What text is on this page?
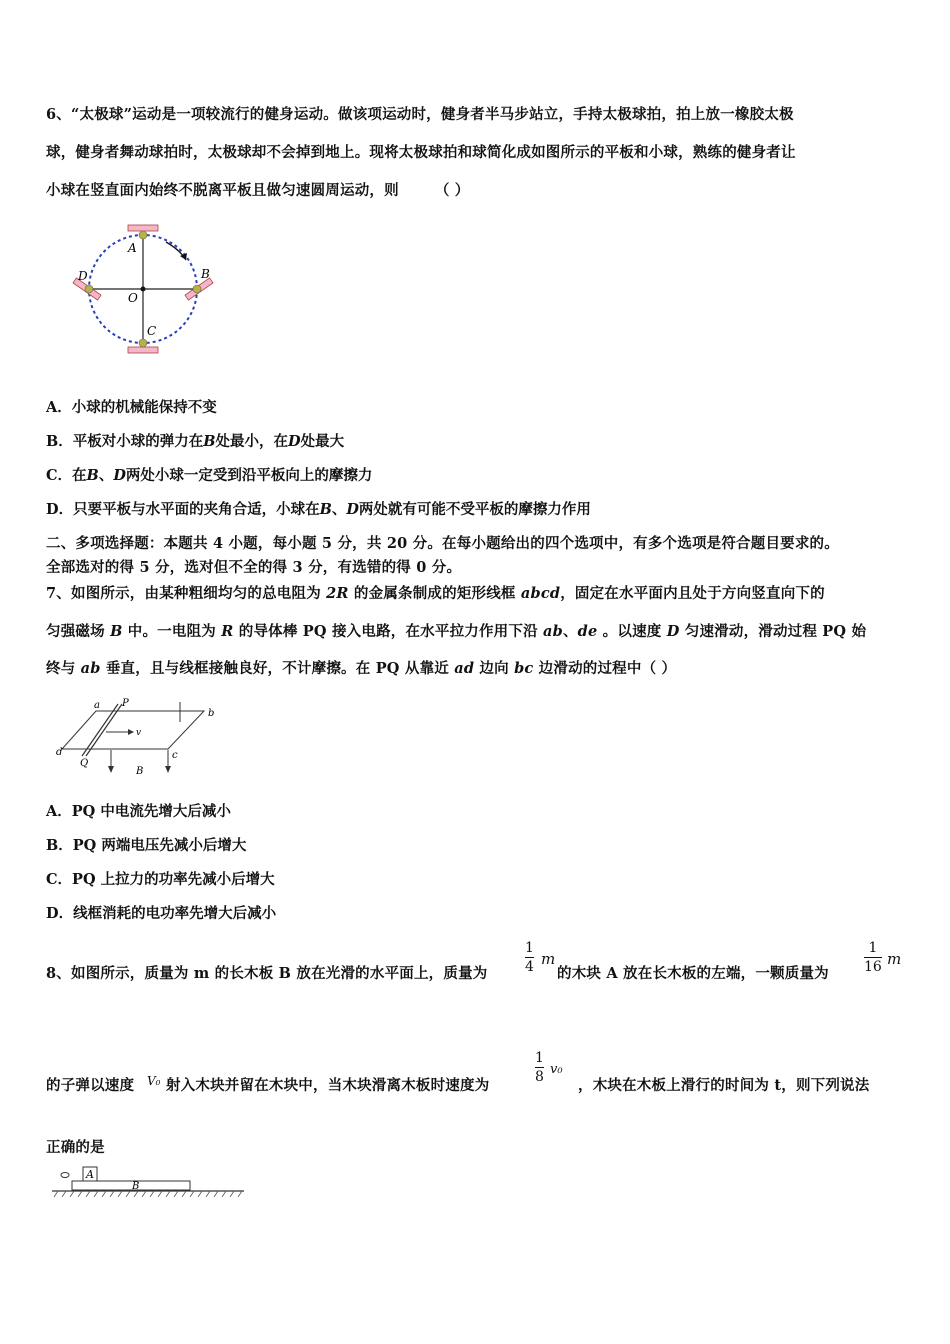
6、“太极球”运动是一项较流行的健身运动。做该项运动时，健身者半马步站立，手持太极球拍，拍上放一橡胶太极
球，健身者舞动球拍时，太极球却不会掉到地上。现将太极球拍和球简化成如图所示的平板和小球，熟练的健身者让
小球在竖直面内始终不脱离平板且做匀速圆周运动，则 （ ）
A
B
C
D
O
A．小球的机械能保持不变
B．平板对小球的弹力在B处最小，在D处最大
C．在B、D两处小球一定受到沿平板向上的摩擦力
D．只要平板与水平面的夹角合适，小球在B、D两处就有可能不受平板的摩擦力作用
二、多项选择题：本题共 4 小题，每小题 5 分，共 20 分。在每小题给出的四个选项中，有多个选项是符合题目要求的。
全部选对的得 5 分，选对但不全的得 3 分，有选错的得 0 分。
7、如图所示，由某种粗细均匀的总电阻为 2R 的金属条制成的矩形线框 abcd，固定在水平面内且处于方向竖直向下的
匀强磁场 B 中。一电阻为 R 的导体棒 PQ 接入电路，在水平拉力作用下沿 ab、de 。以速度 D 匀速滑动，滑动过程 PQ 始
终与 ab 垂直，且与线框接触良好，不计摩擦。在 PQ 从靠近 ad 边向 bc 边滑动的过程中（ ）
a P
b
d
Q
c
B
v
A．PQ 中电流先增大后减小
B．PQ 两端电压先减小后增大
C．PQ 上拉力的功率先减小后增大
D．线框消耗的电功率先增大后减小
8、如图所示，质量为 m 的长木板 B 放在光滑的水平面上，质量为
1
4 m
的木块 A 放在长木板的左端，一颗质量为
1
16 m
的子弹以速度 V₀ 射入木块并留在木块中，当木块滑离木板时速度为
1
8 v₀
，木块在木板上滑行的时间为 t，则下列说法
正确的是
A
B
